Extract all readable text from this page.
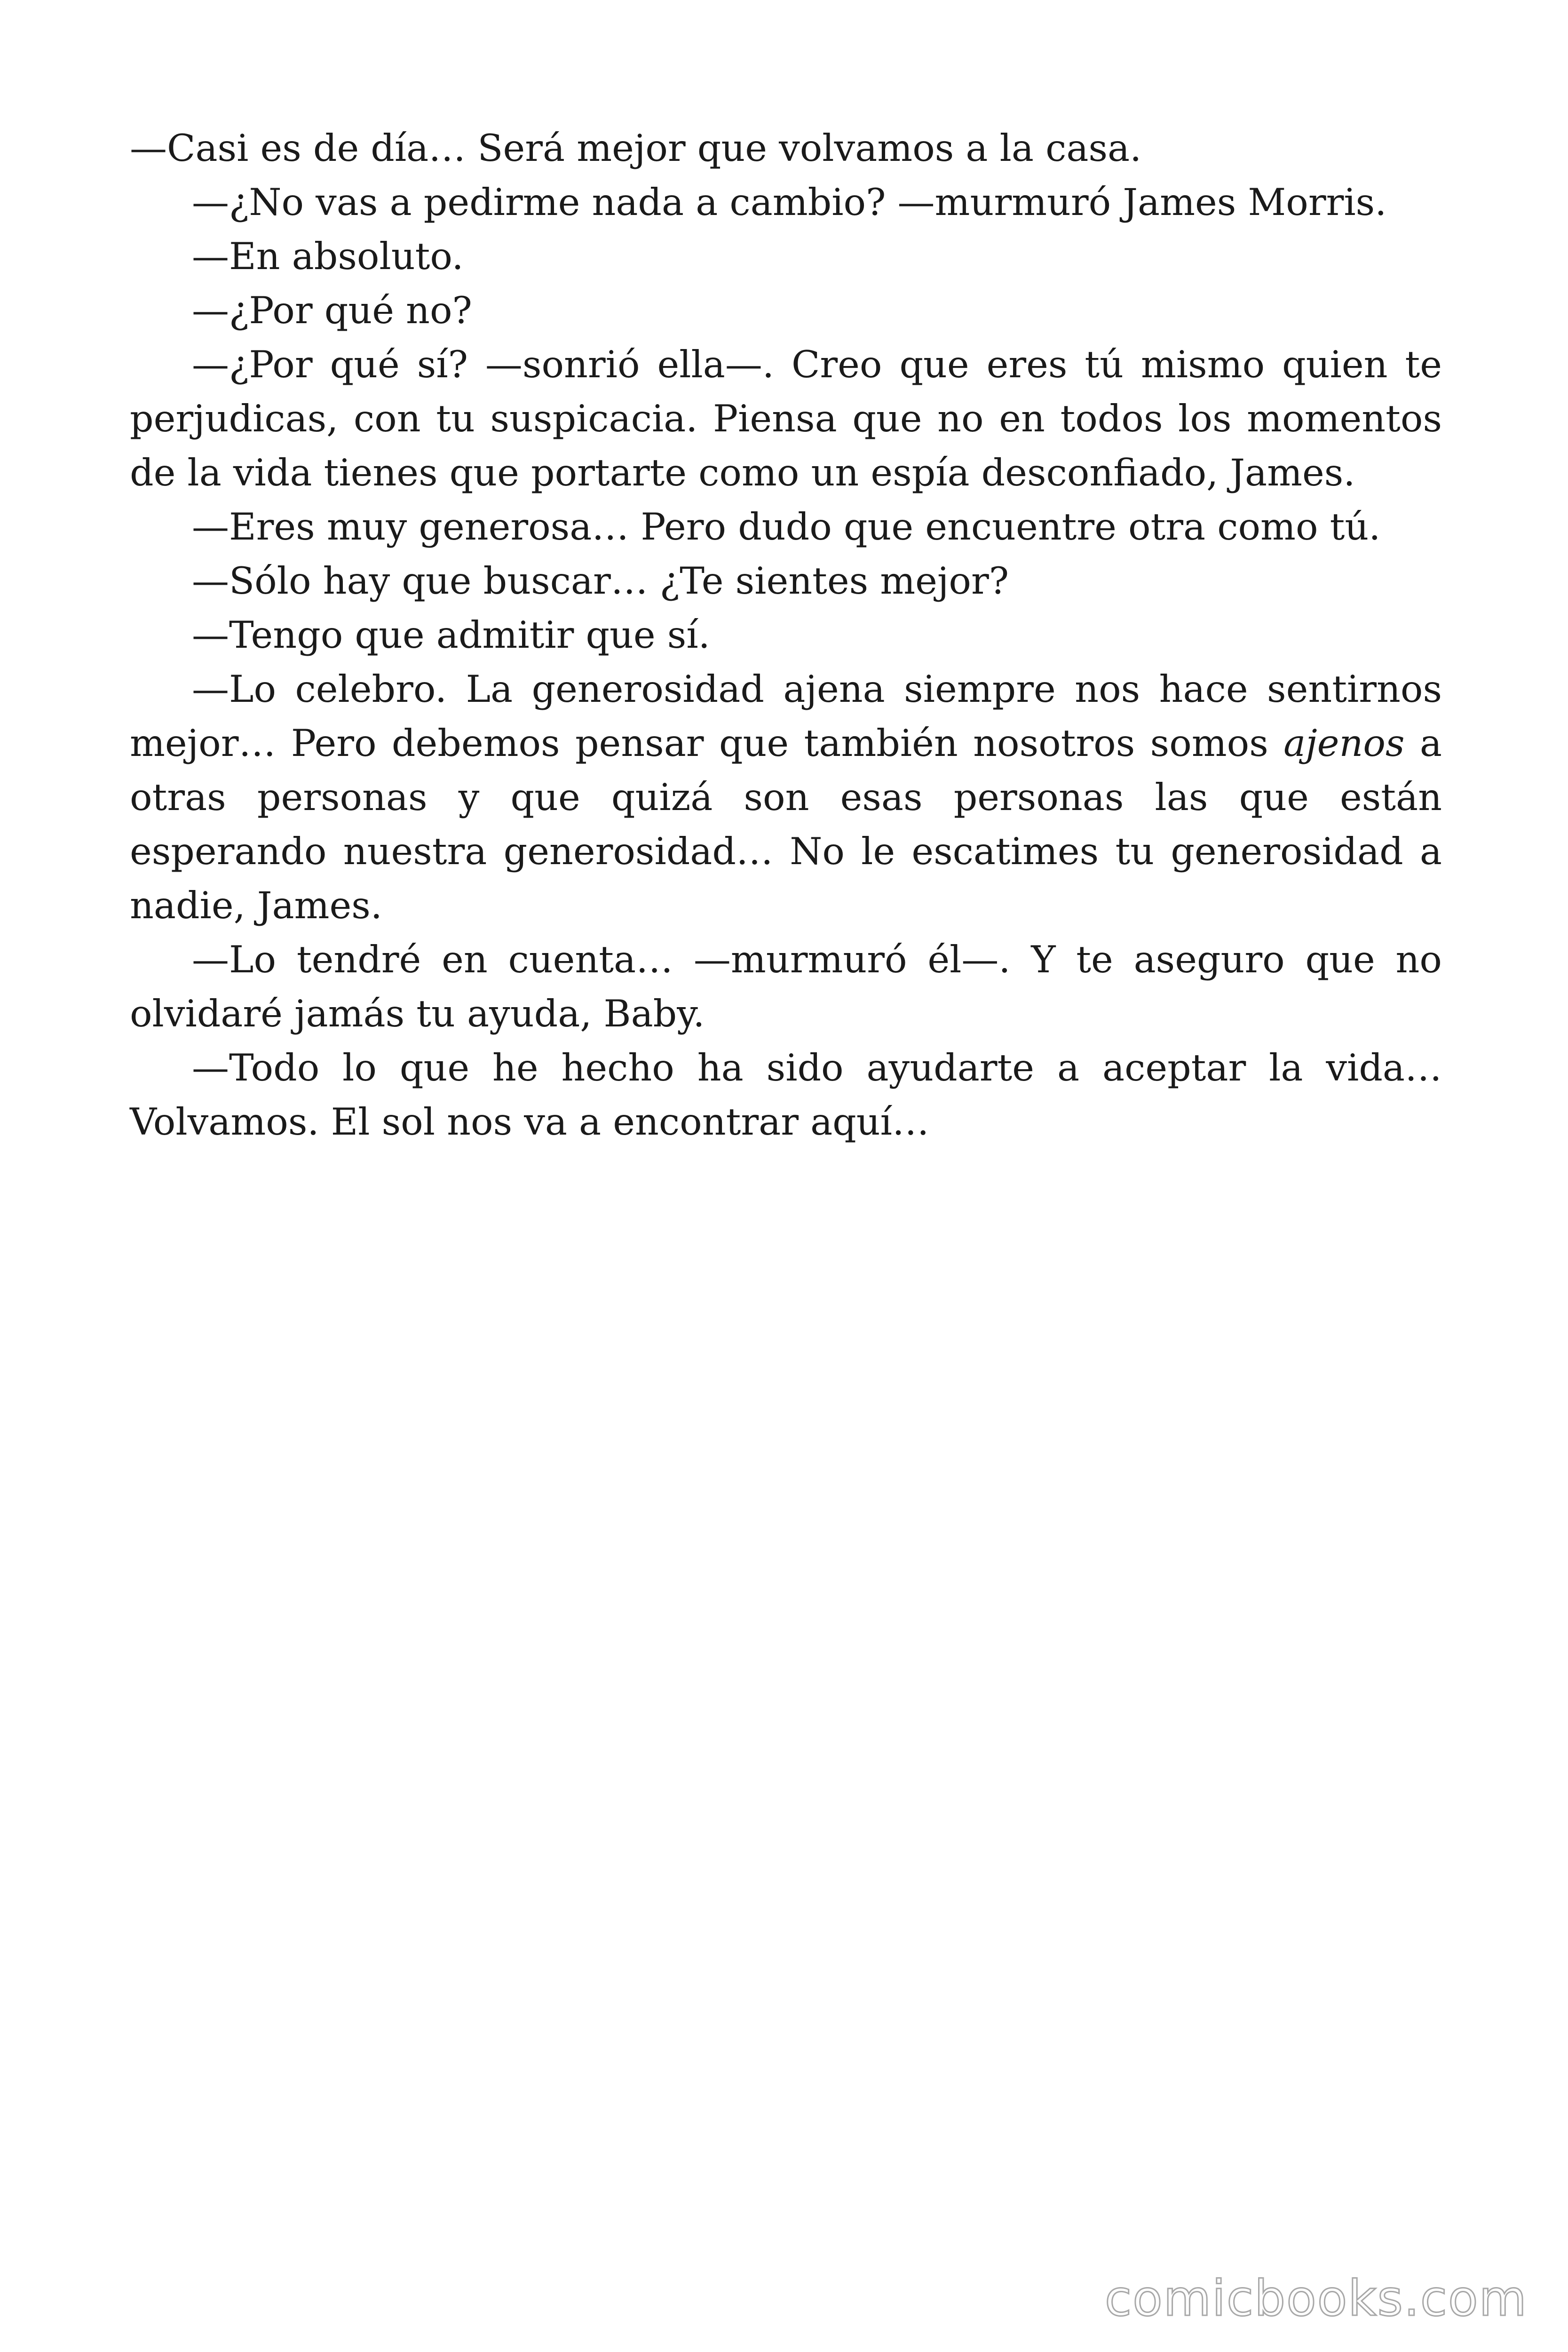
—Casi es de día… Será mejor que volvamos a la casa.

—¿No vas a pedirme nada a cambio? —murmuró James Morris.

—En absoluto.

—¿Por qué no?

—¿Por qué sí? —sonrió ella—. Creo que eres tú mismo quien te perjudicas, con tu suspicacia. Piensa que no en todos los momentos de la vida tienes que portarte como un espía desconfiado, James.

—Eres muy generosa… Pero dudo que encuentre otra como tú.

—Sólo hay que buscar… ¿Te sientes mejor?

—Tengo que admitir que sí.

—Lo celebro. La generosidad ajena siempre nos hace sentirnos mejor… Pero debemos pensar que también nosotros somos ajenos a otras personas y que quizá son esas personas las que están esperando nuestra generosidad… No le escatimes tu generosidad a nadie, James.

—Lo tendré en cuenta… —murmuró él—. Y te aseguro que no olvidaré jamás tu ayuda, Baby.

—Todo lo que he hecho ha sido ayudarte a aceptar la vida… Volvamos. El sol nos va a encontrar aquí…

comicbooks.com
